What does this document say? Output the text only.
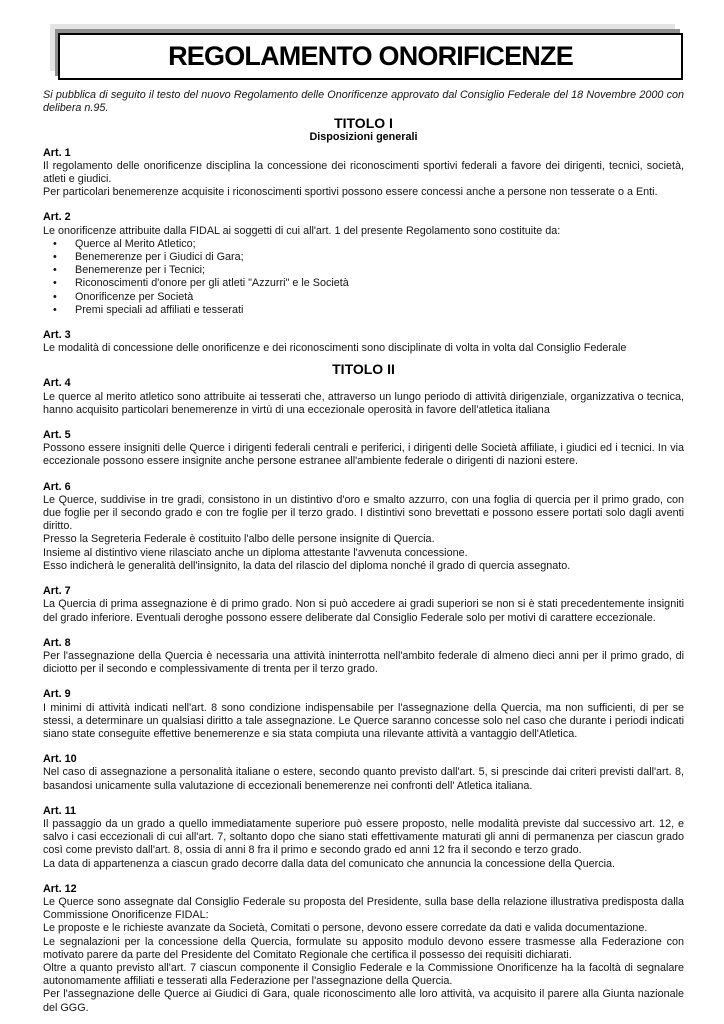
REGOLAMENTO ONORIFICENZE

Si pubblica di seguito il testo del nuovo Regolamento delle Onorificenze approvato dal Consiglio Federale del 18 Novembre 2000 con delibera n.95.

TITOLO I
Disposizioni generali
Art. 1

Il regolamento delle onorificenze disciplina la concessione dei riconoscimenti sportivi federali a favore dei dirigenti, tecnici, società, atleti e giudici.

Per particolari benemerenze acquisite i riconoscimenti sportivi possono essere concessi anche a persone non tesserate o a Enti.

Art. 2

Le onorificenze attribuite dalla FIDAL ai soggetti di cui all'art. 1 del presente Regolamento sono costituite da:

• Querce al Merito Atletico;
• Benemerenze per i Giudici di Gara;
• Benemerenze per i Tecnici;
• Riconoscimenti d'onore per gli atleti "Azzurri" e le Società
• Onorificenze per Società
• Premi speciali ad affiliati e tesserati
Art. 3

Le modalità di concessione delle onorificenze e dei riconoscimenti sono disciplinate di volta in volta dal Consiglio Federale

TITOLO II
Art. 4

Le querce al merito atletico sono attribuite ai tesserati che, attraverso un lungo periodo di attività dirigenziale, organizzativa o tecnica, hanno acquisito particolari benemerenze in virtù di una eccezionale operosità in favore dell'atletica italiana

Art. 5

Possono essere insigniti delle Querce i dirigenti federali centrali e periferici, i dirigenti delle Società affiliate, i giudici ed i tecnici. In via eccezionale possono essere insignite anche persone estranee all'ambiente federale o dirigenti di nazioni estere.

Art. 6

Le Querce, suddivise in tre gradi, consistono in un distintivo d'oro e smalto azzurro, con una foglia di quercia per il primo grado, con due foglie per il secondo grado e con tre foglie per il terzo grado. I distintivi sono brevettati e possono essere portati solo dagli aventi diritto.

Presso la Segreteria Federale è costituito l'albo delle persone insignite di Quercia.

Insieme al distintivo viene rilasciato anche un diploma attestante l'avvenuta concessione.

Esso indicherà le generalità dell'insignito, la data del rilascio del diploma nonché il grado di quercia assegnato.

Art. 7

La Quercia di prima assegnazione è di primo grado. Non si può accedere ai gradi superiori se non si è stati precedentemente insigniti del grado inferiore. Eventuali deroghe possono essere deliberate dal Consiglio Federale solo per motivi di carattere eccezionale.

Art. 8

Per l'assegnazione della Quercia è necessaria una attività ininterrotta nell'ambito federale di almeno dieci anni per il primo grado, di diciotto per il secondo e complessivamente di trenta per il terzo grado.

Art. 9

I minimi di attività indicati nell'art. 8 sono condizione indispensabile per l'assegnazione della Quercia, ma non sufficienti, di per se stessi, a determinare un qualsiasi diritto a tale assegnazione. Le Querce saranno concesse solo nel caso che durante i periodi indicati siano state conseguite effettive benemerenze e sia stata compiuta una rilevante attività a vantaggio dell'Atletica.

Art. 10

Nel caso di assegnazione a personalità italiane o estere, secondo quanto previsto dall'art. 5, si prescinde dai criteri previsti dall'art. 8, basandosi unicamente sulla valutazione di eccezionali benemerenze nei confronti dell' Atletica italiana.

Art. 11

Il passaggio da un grado a quello immediatamente superiore può essere proposto, nelle modalità previste dal successivo art. 12, e salvo i casi eccezionali di cui all'art. 7, soltanto dopo che siano stati effettivamente maturati gli anni di permanenza per ciascun grado così come previsto dall'art. 8, ossia di anni 8 fra il primo e secondo grado ed anni 12 fra il secondo e terzo grado.

La data di appartenenza a ciascun grado decorre dalla data del comunicato che annuncia la concessione della Quercia.

Art. 12

Le Querce sono assegnate dal Consiglio Federale su proposta del Presidente, sulla base della relazione illustrativa predisposta dalla Commissione Onorificenze FIDAL:

Le proposte e le richieste avanzate da Società, Comitati o persone, devono essere corredate da dati e valida documentazione.

Le segnalazioni per la concessione della Quercia, formulate su apposito modulo devono essere trasmesse alla Federazione con motivato parere da parte del Presidente del Comitato Regionale che certifica il possesso dei requisiti dichiarati.

Oltre a quanto previsto all'art. 7 ciascun componente il Consiglio Federale e la Commissione Onorificenze ha la facoltà di segnalare autonomamente affiliati e tesserati alla Federazione per l'assegnazione della Quercia.

Per l'assegnazione delle Querce ai Giudici di Gara, quale riconoscimento alle loro attività, va acquisito il parere alla Giunta nazionale del GGG.
